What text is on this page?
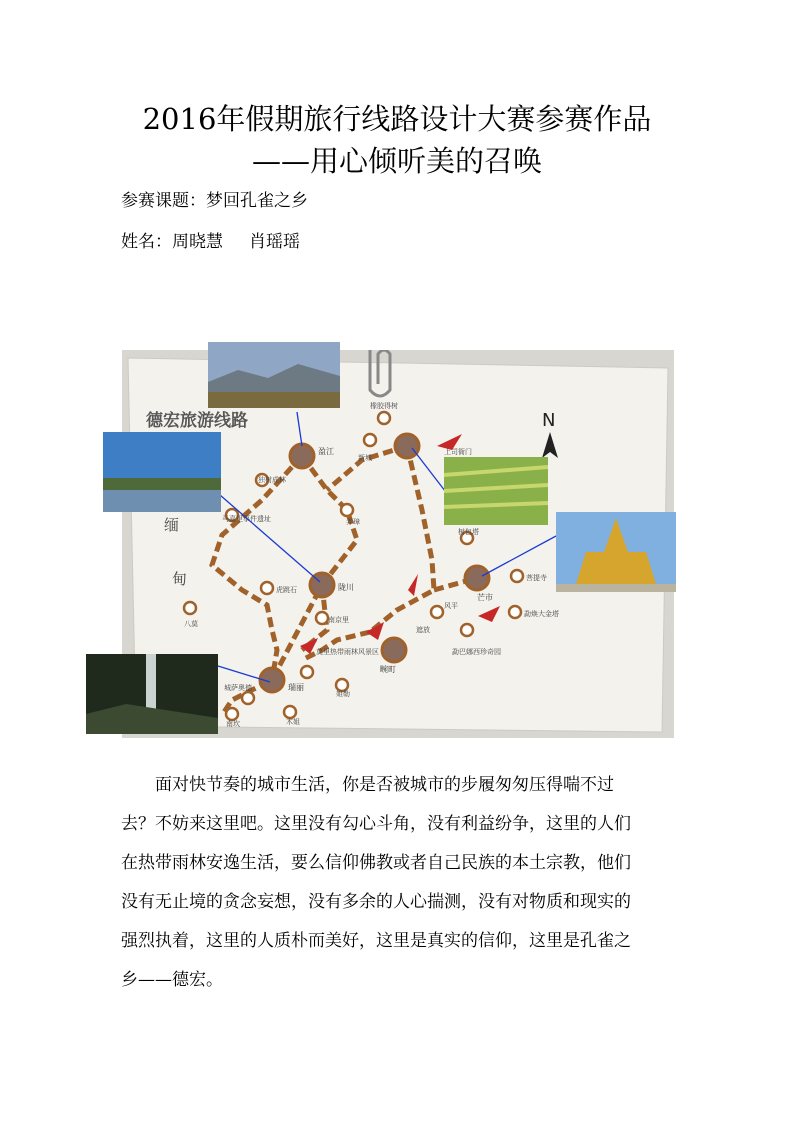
2016年假期旅行线路设计大赛参赛作品
——用心倾听美的召唤
参赛课题：梦回孔雀之乡
姓名：周晓慧 肖瑶瑶
德宏旅游线路	N
缅
甸
盈江
瑞丽
陇川
芒市
畹町
橡胶得树
上司衙门
新城
独树成林
弄璋
马嘉里事件遗址
虎跳石
南京里
八莫
莫里热带雨林风景区
姐勒
城萨奥德
南坎	木姐
遮放
风平
树包塔
菩提寺
勐焕大金塔
勐巴娜西珍奇园
　　面对快节奏的城市生活，你是否被城市的步履匆匆压得喘不过
去？不妨来这里吧。这里没有勾心斗角，没有利益纷争，这里的人们
在热带雨林安逸生活，要么信仰佛教或者自己民族的本土宗教，他们
没有无止境的贪念妄想，没有多余的人心揣测，没有对物质和现实的
强烈执着，这里的人质朴而美好，这里是真实的信仰，这里是孔雀之
乡——德宏。
